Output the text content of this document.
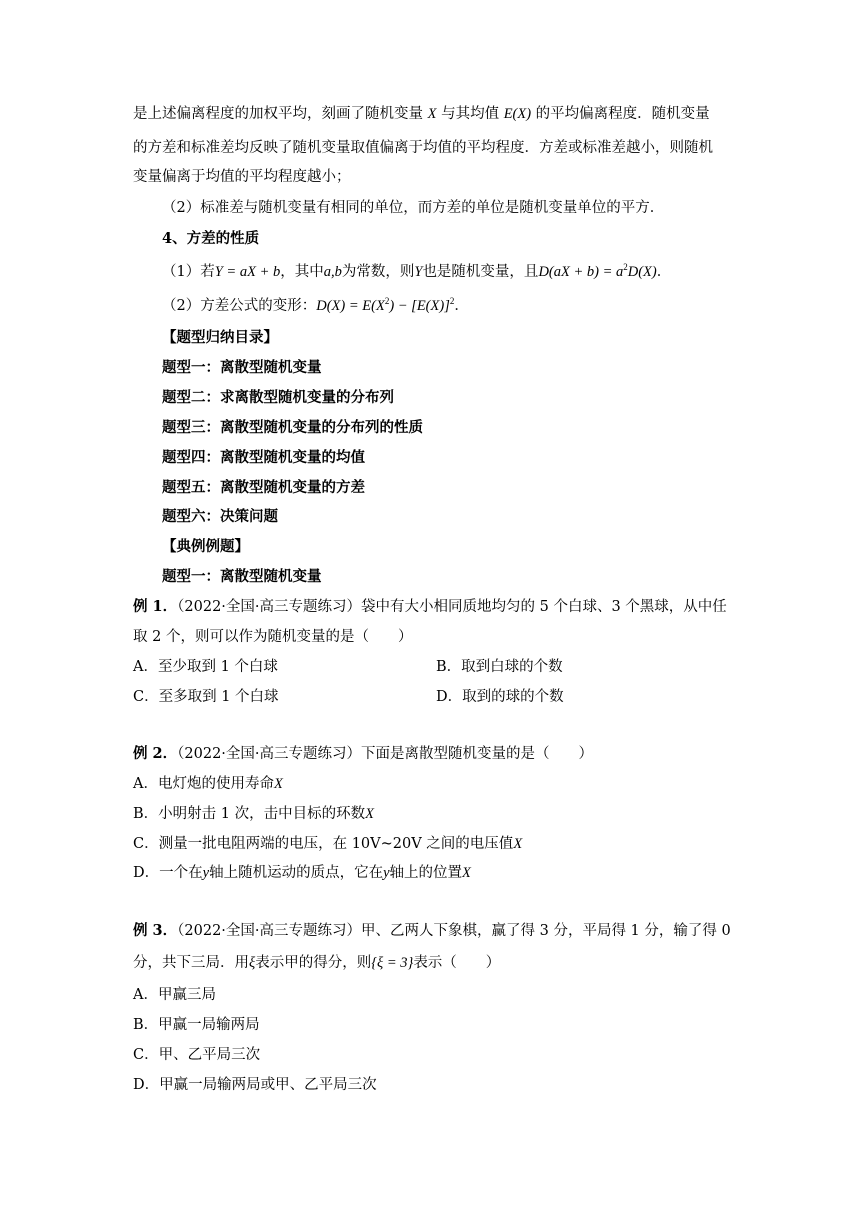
是上述偏离程度的加权平均，刻画了随机变量 X 与其均值 E(X) 的平均偏离程度．随机变量
的方差和标准差均反映了随机变量取值偏离于均值的平均程度．方差或标准差越小，则随机
变量偏离于均值的平均程度越小；
（2）标准差与随机变量有相同的单位，而方差的单位是随机变量单位的平方．
4、方差的性质
（1）若Y = aX + b，其中a,b为常数，则Y也是随机变量，且$D(aX + b) = a^2D(X)$．
（2）方差公式的变形：$D(X) = E(X^2) - [E(X)]^2$．
【题型归纳目录】
题型一：离散型随机变量
题型二：求离散型随机变量的分布列
题型三：离散型随机变量的分布列的性质
题型四：离散型随机变量的均值
题型五：离散型随机变量的方差
题型六：决策问题
【典例例题】
题型一：离散型随机变量
例 1．（2022·全国·高三专题练习）袋中有大小相同质地均匀的 5 个白球、3 个黑球，从中任
取 2 个，则可以作为随机变量的是（　　）
A．至少取到 1 个白球	B．取到白球的个数
C．至多取到 1 个白球	D．取到的球的个数
例 2．（2022·全国·高三专题练习）下面是离散型随机变量的是（　　）
A．电灯炮的使用寿命X
B．小明射击 1 次，击中目标的环数X
C．测量一批电阻两端的电压，在 10V~20V 之间的电压值X
D．一个在y轴上随机运动的质点，它在y轴上的位置X
例 3．（2022·全国·高三专题练习）甲、乙两人下象棋，赢了得 3 分，平局得 1 分，输了得 0
分，共下三局．用ξ表示甲的得分，则{ξ = 3}表示（　　）
A．甲赢三局
B．甲赢一局输两局
C．甲、乙平局三次
D．甲赢一局输两局或甲、乙平局三次
